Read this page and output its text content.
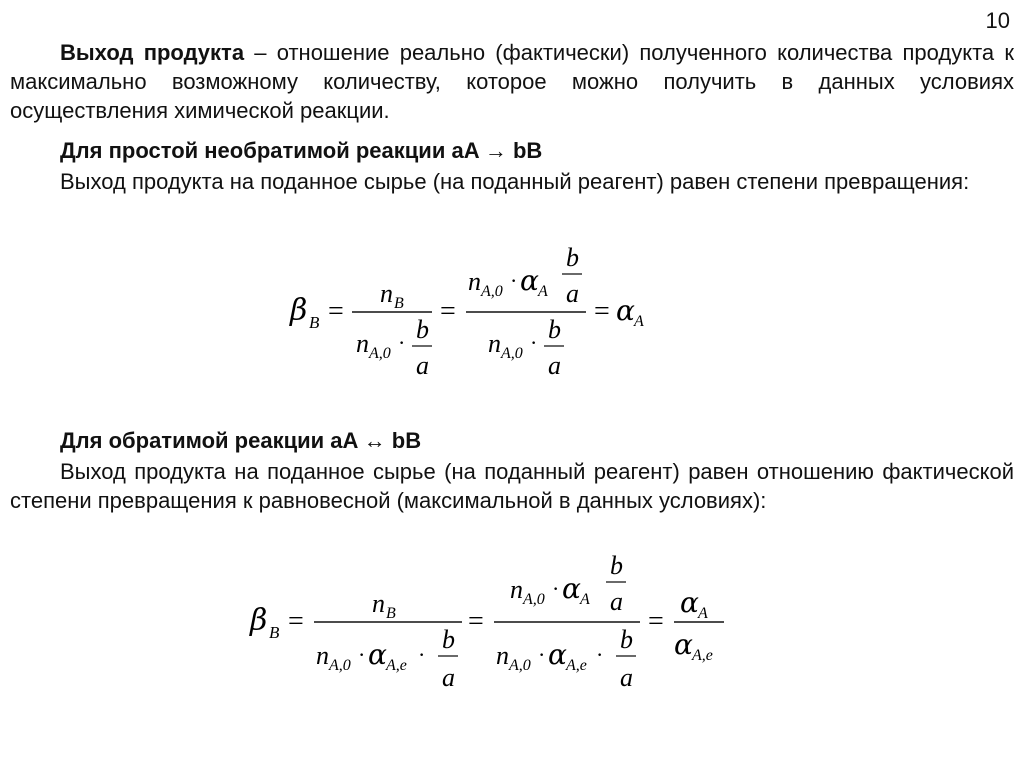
10
Выход продукта – отношение реально (фактически) полученного количества продукта к максимально возможному количеству, которое можно получить в данных условиях осуществления химической реакции.
Для простой необратимой реакции aA → bB
Выход продукта на поданное сырье (на поданный реагент) равен степени превращения:
β B =
n B
n A,0 · b
a
=
n A,0 · α A
b
a
n A,0 · b
a
= α A
Для обратимой реакции aA ↔ bB
Выход продукта на поданное сырье (на поданный реагент) равен отношению фактической степени превращения к равновесной (максимальной в данных условиях):
β B =
n B
n A,0 · α A,e ·
b
a
=
n A,0 · α A
b
a
n A,0 · α A,e ·
b
a
=
α A
α A,e
